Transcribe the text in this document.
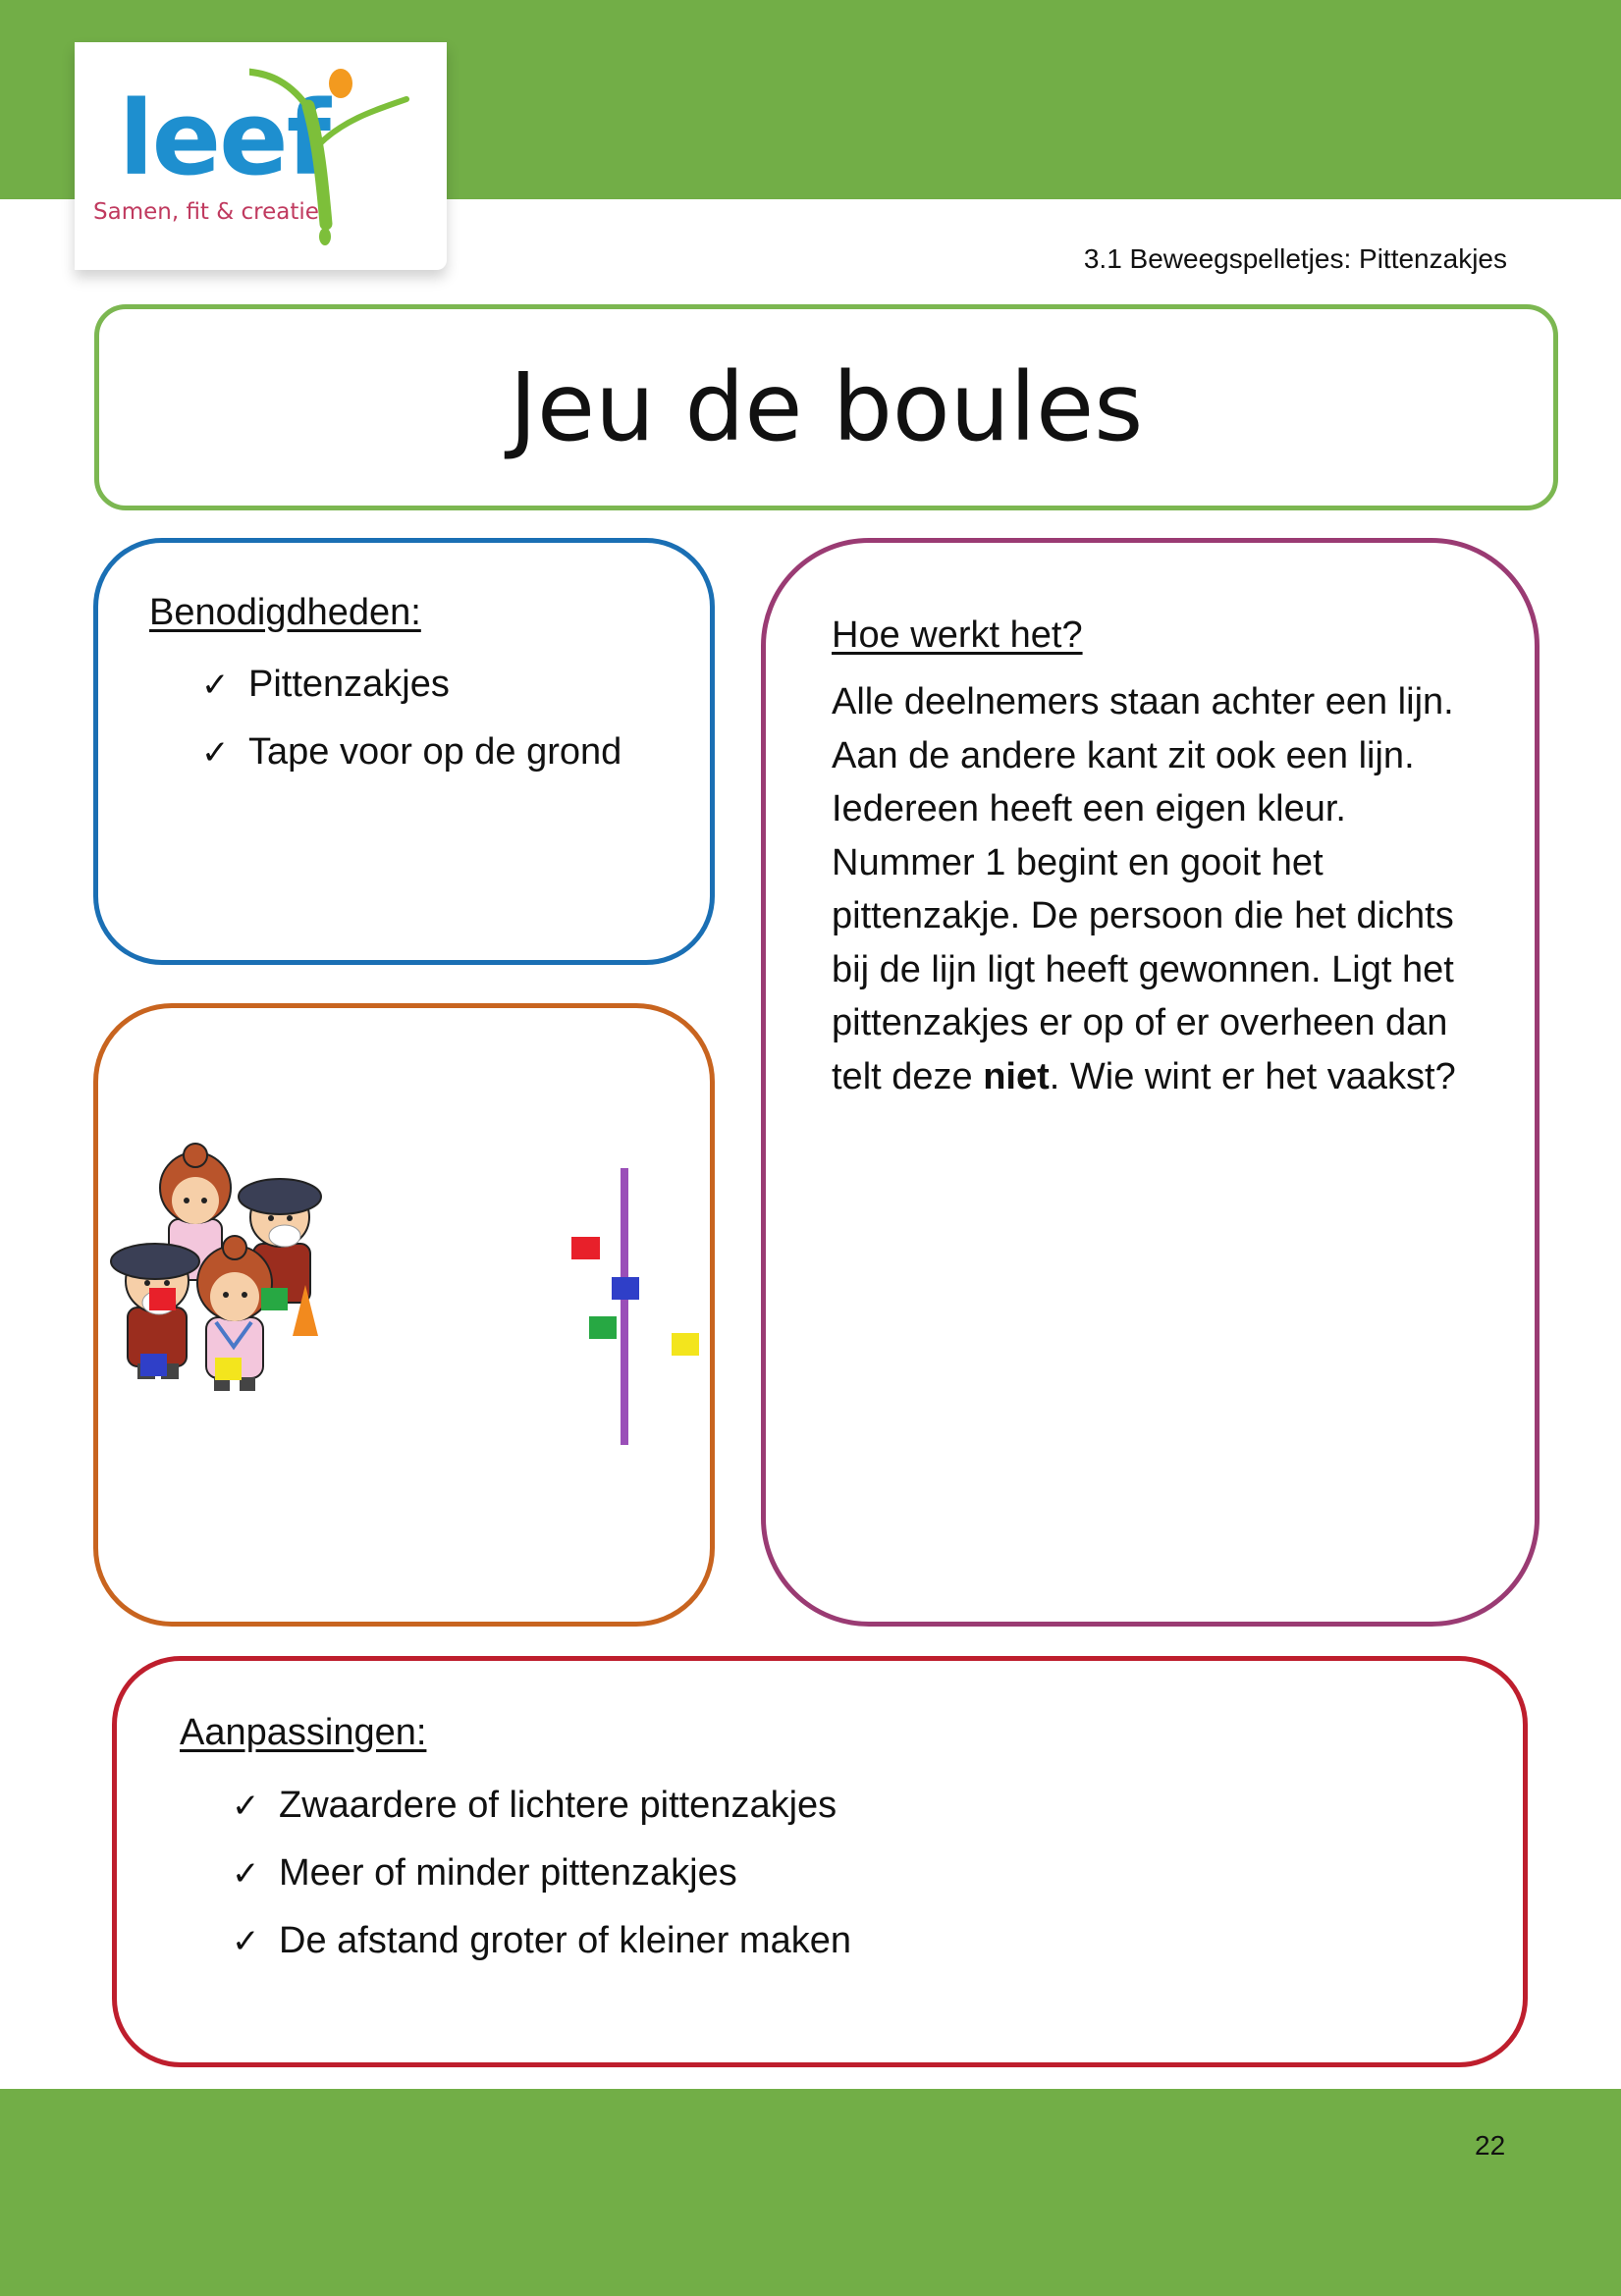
leef
Samen, fit & creatief
3.1 Beweegspelletjes: Pittenzakjes
Jeu de boules
Benodigdheden:
✓ Pittenzakjes
✓ Tape voor op de grond
Hoe werkt het?
Alle deelnemers staan achter een lijn. Aan de andere kant zit ook een lijn. Iedereen heeft een eigen kleur. Nummer 1 begint en gooit het pittenzakje. De persoon die het dichts bij de lijn ligt heeft gewonnen. Ligt het pittenzakjes er op of er overheen dan telt deze niet. Wie wint er het vaakst?
Aanpassingen:
✓ Zwaardere of lichtere pittenzakjes
✓ Meer of minder pittenzakjes
✓ De afstand groter of kleiner maken
22
